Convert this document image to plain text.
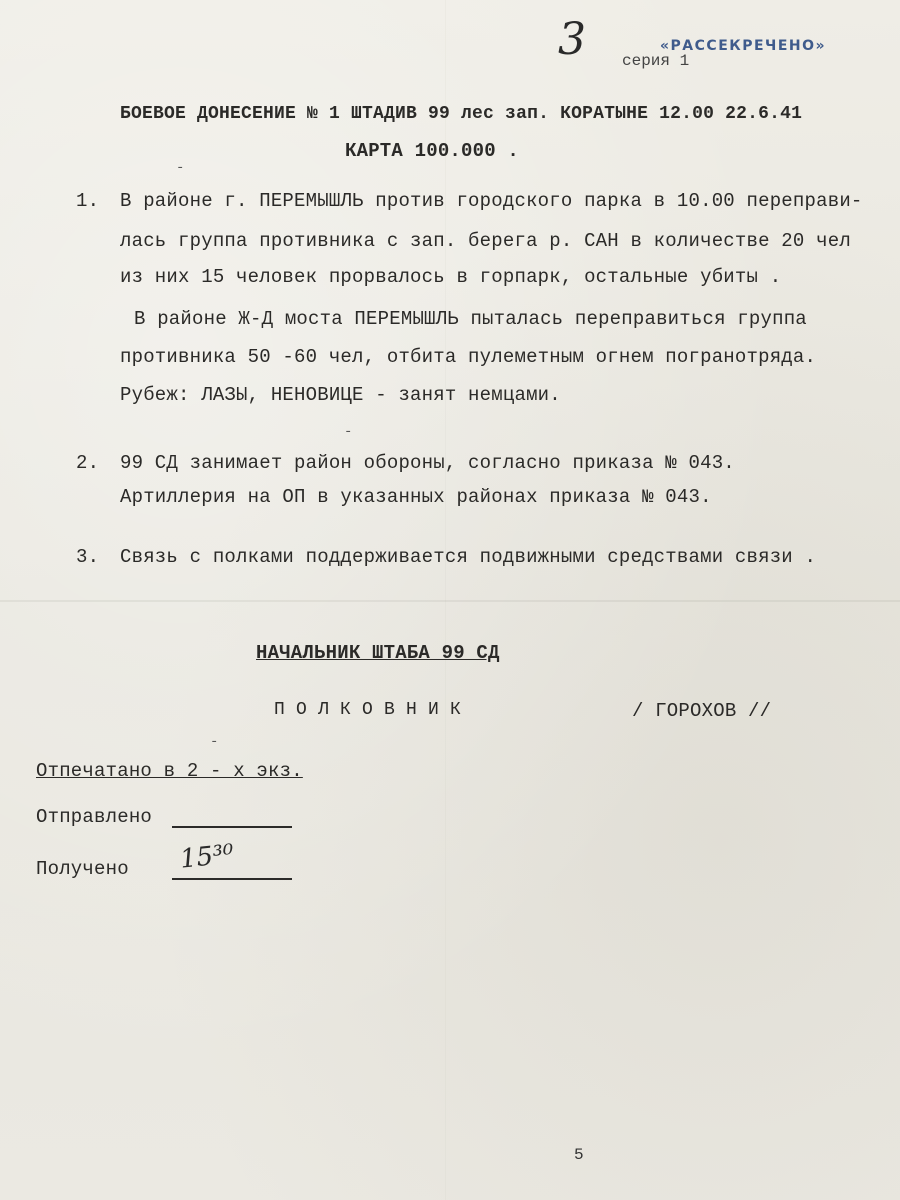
3 серия 1
«РАССЕКРЕЧЕНО»
БОЕВОЕ ДОНЕСЕНИЕ № 1 ШТАДИВ 99 лес зап. КОРАТЫНЕ 12.00 22.6.41
КАРТА 100.000 .
-
1. В районе г. ПЕРЕМЫШЛЬ против городского парка в 10.00 переправи-
лась группа противника с зап. берега р. САН в количестве 20 чел
из них 15 человек прорвалось в горпарк, остальные убиты .
В районе Ж-Д моста ПЕРЕМЫШЛЬ пыталась переправиться группа
противника 50 -60 чел, отбита пулеметным огнем погранотряда.
Рубеж: ЛАЗЫ, НЕНОВИЦЕ - занят немцами.
-
2. 99 СД занимает район обороны, согласно приказа № 043.
Артиллерия на ОП в указанных районах приказа № 043.
3. Связь с полками поддерживается подвижными средствами связи .
НАЧАЛЬНИК ШТАБА 99 СД
П О Л К О В Н И К	/ ГОРОХОВ //
-
Отпечатано в 2 - х экз.
Отправлено
Получено 15³⁰
5
